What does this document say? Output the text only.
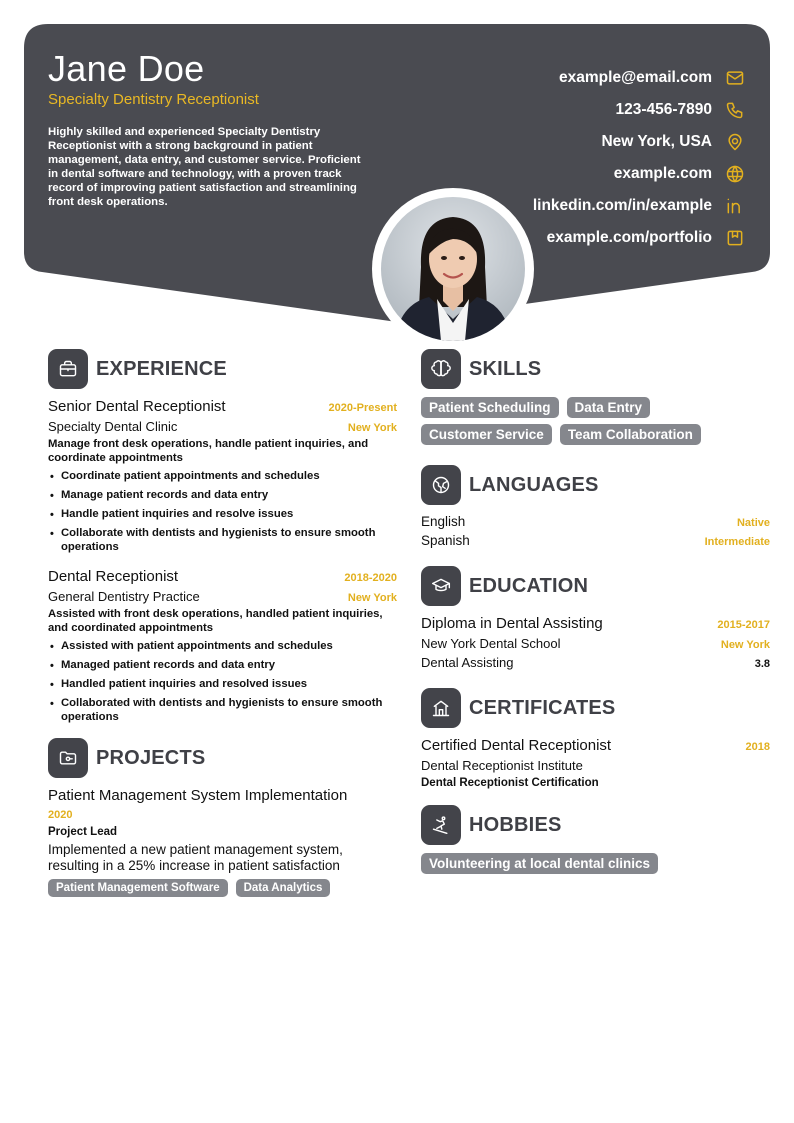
Jane Doe
Specialty Dentistry Receptionist
Highly skilled and experienced Specialty Dentistry Receptionist with a strong background in patient management, data entry, and customer service. Proficient in dental software and technology, with a proven track record of improving patient satisfaction and streamlining front desk operations.
example@email.com
123-456-7890
New York, USA
example.com
linkedin.com/in/example
example.com/portfolio
EXPERIENCE
Senior Dental Receptionist	2020-Present
Specialty Dental Clinic	New York
Manage front desk operations, handle patient inquiries, and coordinate appointments
• Coordinate patient appointments and schedules
• Manage patient records and data entry
• Handle patient inquiries and resolve issues
• Collaborate with dentists and hygienists to ensure smooth operations
Dental Receptionist	2018-2020
General Dentistry Practice	New York
Assisted with front desk operations, handled patient inquiries, and coordinated appointments
• Assisted with patient appointments and schedules
• Managed patient records and data entry
• Handled patient inquiries and resolved issues
• Collaborated with dentists and hygienists to ensure smooth operations
PROJECTS
Patient Management System Implementation
2020
Project Lead
Implemented a new patient management system, resulting in a 25% increase in patient satisfaction
Patient Management Software Data Analytics
SKILLS
Patient Scheduling Data Entry
Customer Service Team Collaboration
LANGUAGES
English	Native
Spanish	Intermediate
EDUCATION
Diploma in Dental Assisting	2015-2017
New York Dental School	New York
Dental Assisting	3.8
CERTIFICATES
Certified Dental Receptionist	2018
Dental Receptionist Institute
Dental Receptionist Certification
HOBBIES
Volunteering at local dental clinics
